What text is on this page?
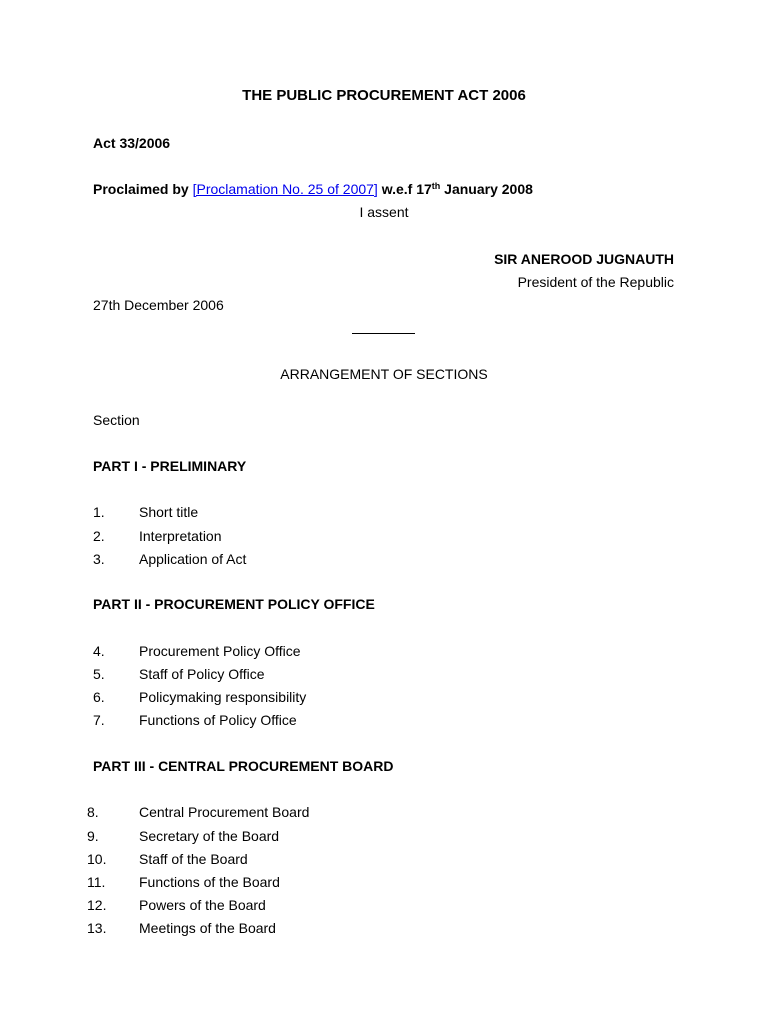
THE PUBLIC PROCUREMENT ACT 2006
Act 33/2006
Proclaimed by [Proclamation No. 25 of 2007] w.e.f 17th January 2008
I assent
SIR ANEROOD JUGNAUTH
President of the Republic
27th December 2006
ARRANGEMENT OF SECTIONS
Section
PART I - PRELIMINARY
1. Short title
2. Interpretation
3. Application of Act
PART II - PROCUREMENT POLICY OFFICE
4. Procurement Policy Office
5. Staff of Policy Office
6. Policymaking responsibility
7. Functions of Policy Office
PART III - CENTRAL PROCUREMENT BOARD
8.	Central Procurement Board
9.	Secretary of the Board
10. Staff of the Board
11. Functions of the Board
12. Powers of the Board
13. Meetings of the Board
